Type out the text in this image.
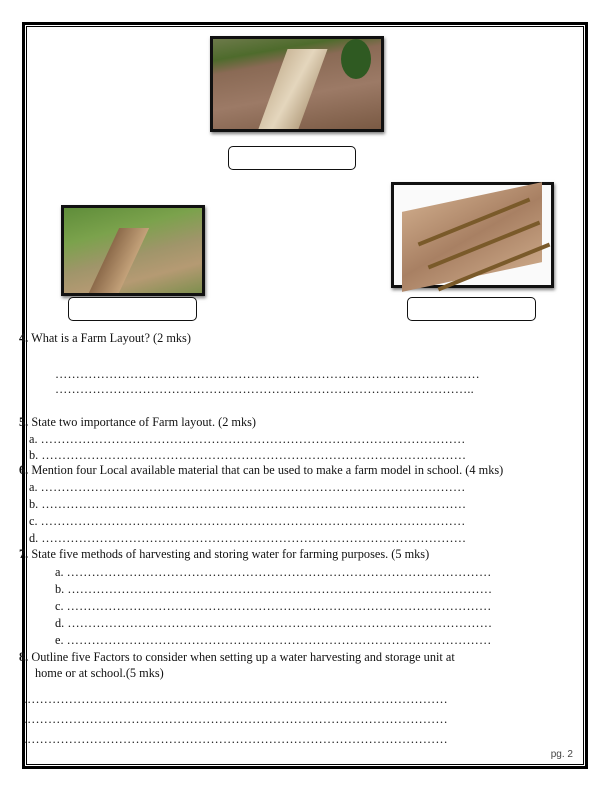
4. What is a Farm Layout? (2 mks)
…………………………………………………………………………………………
………………………………………………………………………………………..
5. State two importance of Farm layout. (2 mks)
a. …………………………………………………………………………………………
b. …………………………………………………………………………………………
6. Mention four Local available material that can be used to make a farm model in school. (4 mks)
a. …………………………………………………………………………………………
b. …………………………………………………………………………………………
c. …………………………………………………………………………………………
d. …………………………………………………………………………………………
7. State five methods of harvesting and storing water for farming purposes. (5 mks)
a. …………………………………………………………………………………………
b. …………………………………………………………………………………………
c. …………………………………………………………………………………………
d. …………………………………………………………………………………………
e. …………………………………………………………………………………………
8. Outline five Factors to consider when setting up a water harvesting and storage unit at
home or at school.(5 mks)
…………………………………………………………………………………………
…………………………………………………………………………………………
…………………………………………………………………………………………
pg. 2
